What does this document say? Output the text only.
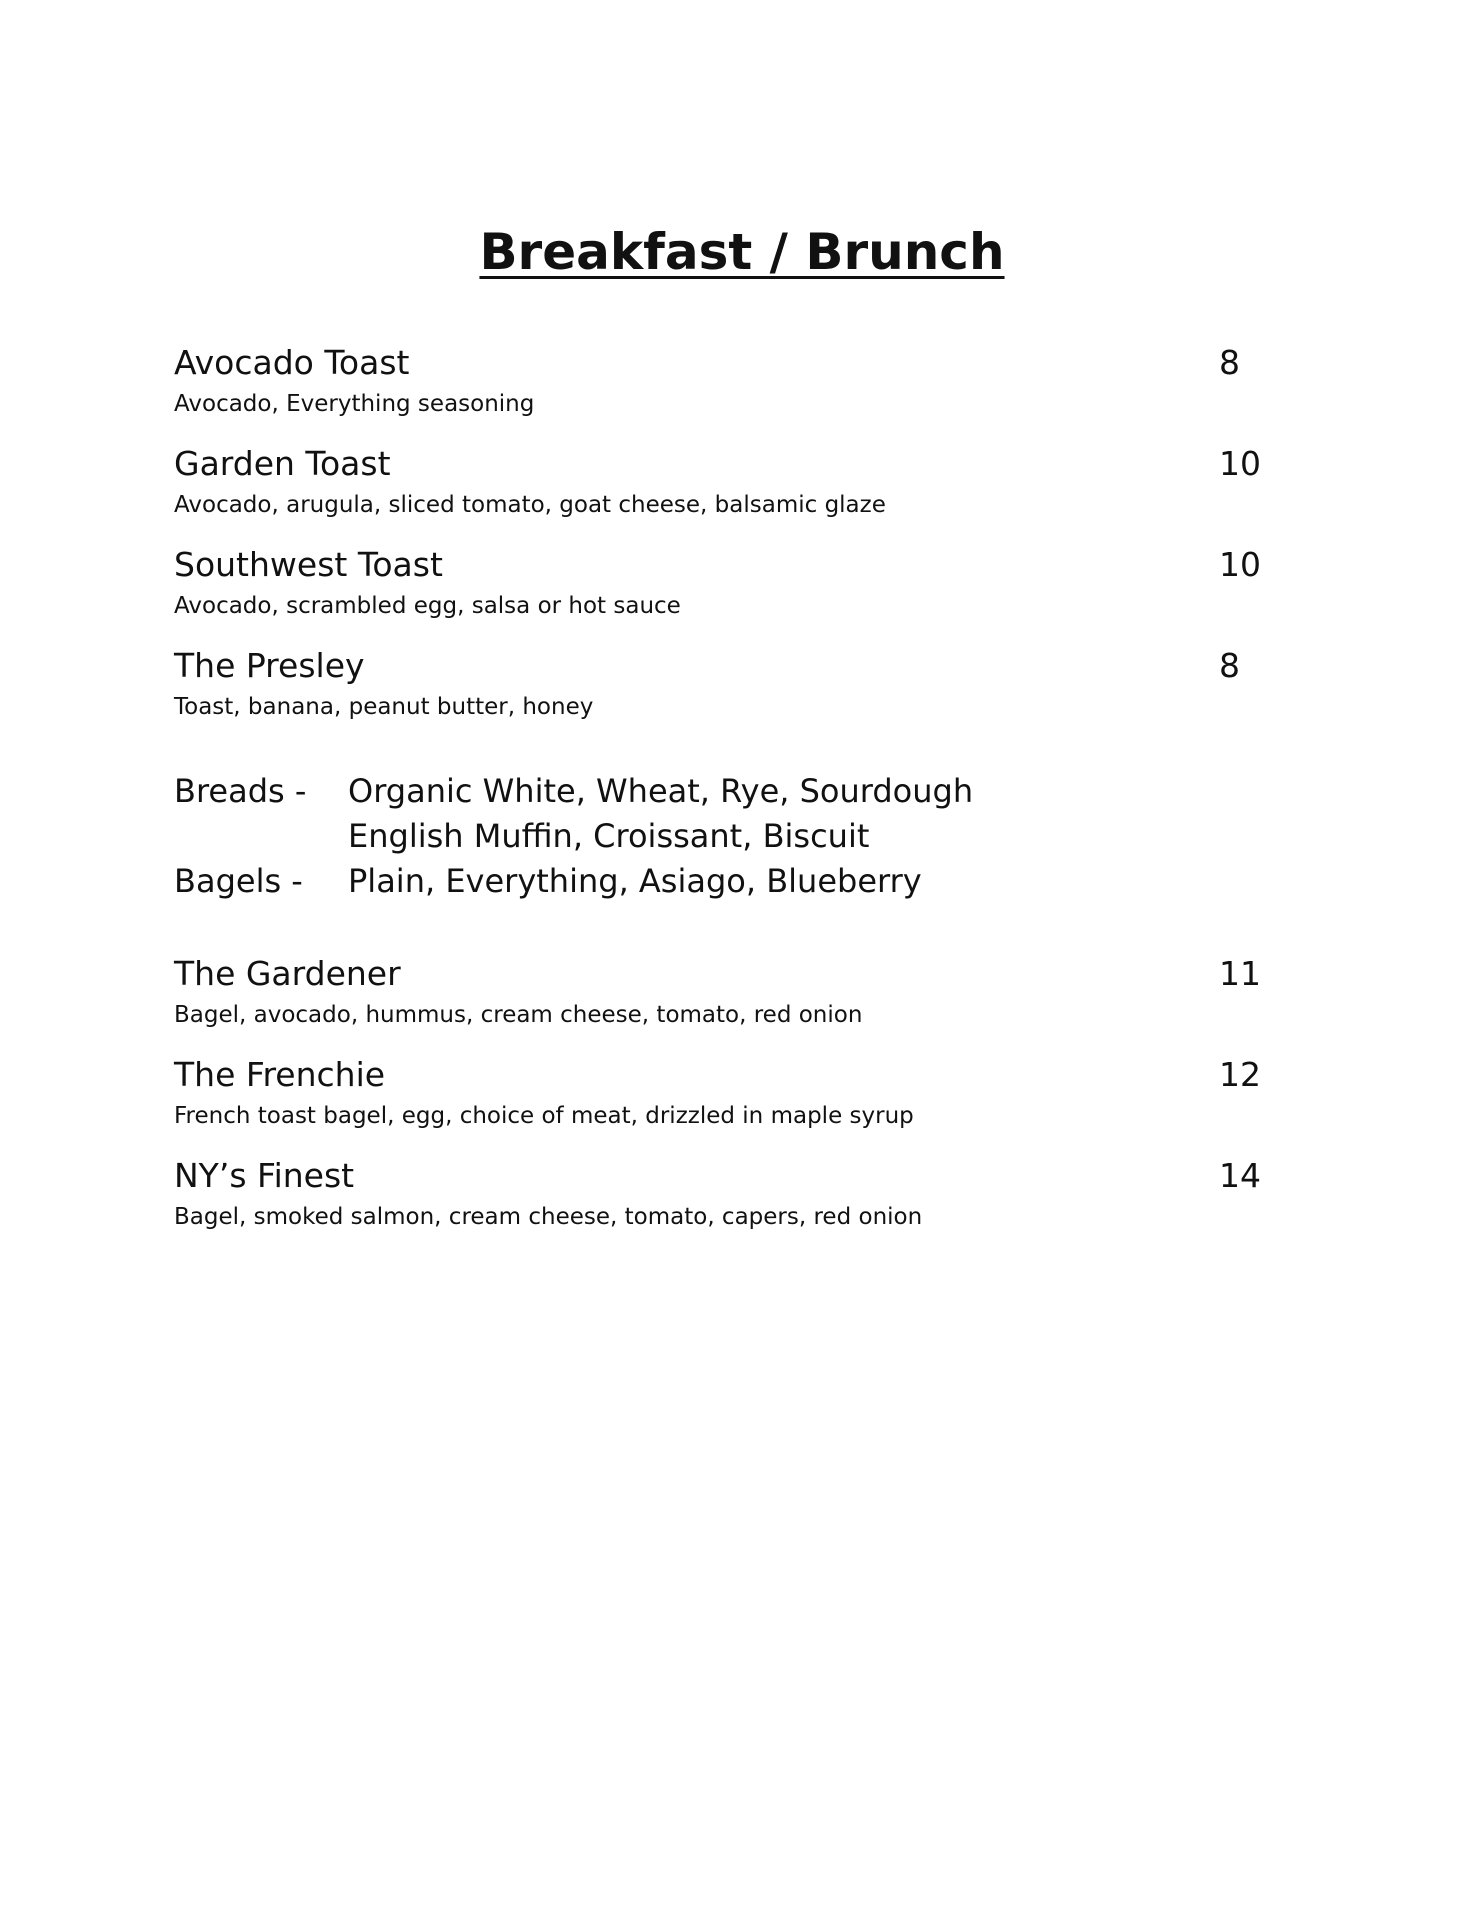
Breakfast / Brunch
Avocado Toast	8
Avocado, Everything seasoning
Garden Toast	10
Avocado, arugula, sliced tomato, goat cheese, balsamic glaze
Southwest Toast	10
Avocado, scrambled egg, salsa or hot sauce
The Presley	8
Toast, banana, peanut butter, honey
Breads - Organic White, Wheat, Rye, Sourdough
English Muffin, Croissant, Biscuit
Bagels - Plain, Everything, Asiago, Blueberry
The Gardener	11
Bagel, avocado, hummus, cream cheese, tomato, red onion
The Frenchie	12
French toast bagel, egg, choice of meat, drizzled in maple syrup
NY’s Finest	14
Bagel, smoked salmon, cream cheese, tomato, capers, red onion
